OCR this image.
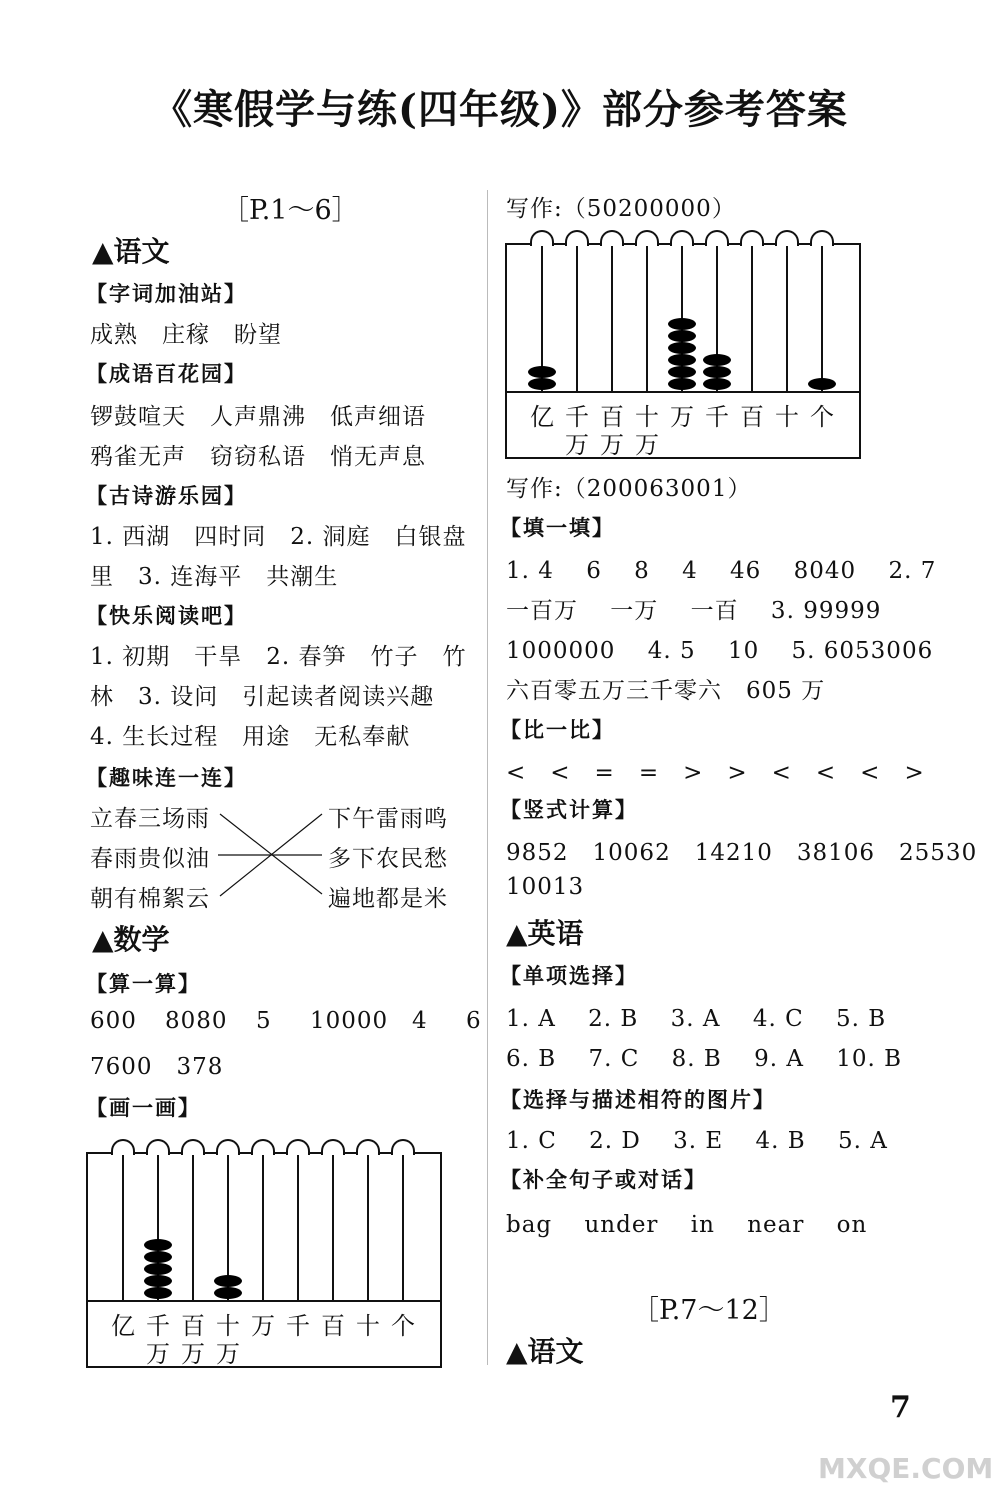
《寒假学与练(四年级)》部分参考答案
［P.1～6］
▲语文
【字词加油站】
成熟　庄稼　盼望
【成语百花园】
锣鼓喧天　人声鼎沸　低声细语
鸦雀无声　窃窃私语　悄无声息
【古诗游乐园】
1. 西湖　四时同　2. 洞庭　白银盘
里　3. 连海平　共潮生
【快乐阅读吧】
1. 初期　干旱　2. 春笋　竹子　竹
林　3. 设问　引起读者阅读兴趣
4. 生长过程　用途　无私奉献
【趣味连一连】
立春三场雨
春雨贵似油
朝有棉絮云
下午雷雨鸣
多下农民愁
遍地都是米
▲数学
【算一算】
600 8080 5 10000 4 6
7600　378
【画一画】
亿 千
万
百
万
十
万
万 千 百 十 个
写作:（50200000）
亿 千
万
百
万
十
万
万 千 百 十 个
写作:（200063001）
【填一填】
1. 4　 6　 8　 4　 46　 8040　 2. 7
一百万　 一万　 一百　 3. 99999
1000000　 4. 5　 10　 5. 6053006
六百零五万三千零六　605 万
【比一比】
<　<　=　=　>　>　<　<　<　>
【竖式计算】
9852　10062　14210　38106　25530
10013
▲英语
【单项选择】
1. A　 2. B　 3. A　 4. C　 5. B
6. B　 7. C　 8. B　 9. A　 10. B
【选择与描述相符的图片】
1. C　 2. D　 3. E　 4. B　 5. A
【补全句子或对话】
bag　 under　 in　 near　 on
［P.7～12］
▲语文
7
MXQE.COM
